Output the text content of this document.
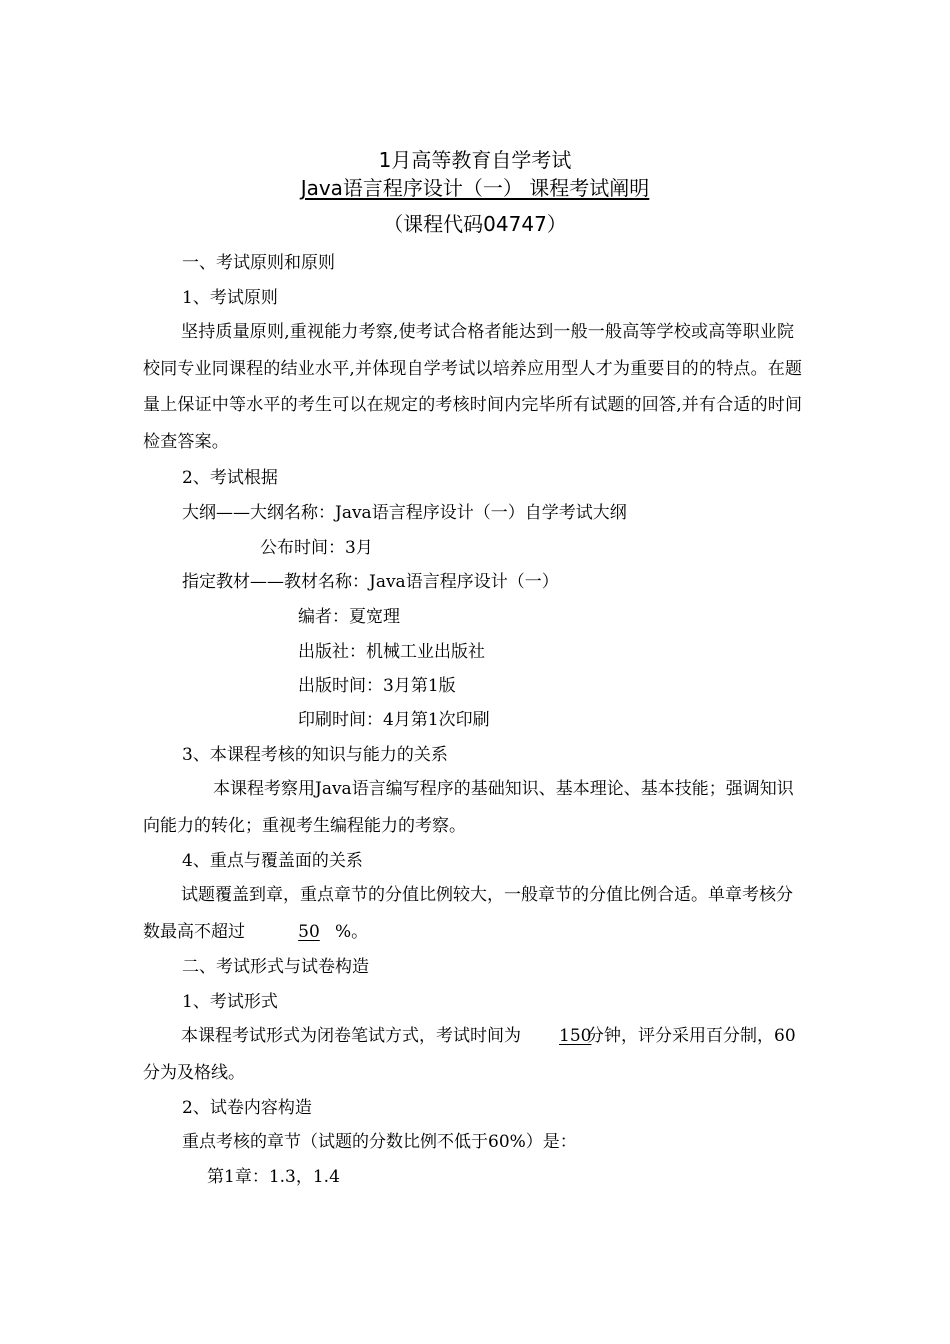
1月高等教育自学考试
Java语言程序设计（一） 课程考试阐明
（课程代码04747）
一、考试原则和原则
1、考试原则
坚持质量原则,重视能力考察,使考试合格者能达到一般一般高等学校或高等职业院校同专业同课程的结业水平,并体现自学考试以培养应用型人才为重要目的的特点。在题量上保证中等水平的考生可以在规定的考核时间内完毕所有试题的回答,并有合适的时间检查答案。
2、考试根据
大纲——大纲名称：Java语言程序设计（一）自学考试大纲
公布时间：3月
指定教材——教材名称：Java语言程序设计（一）
编者：夏宽理
出版社：机械工业出版社
出版时间：3月第1版
印刷时间：4月第1次印刷
3、本课程考核的知识与能力的关系
本课程考察用Java语言编写程序的基础知识、基本理论、基本技能；强调知识向能力的转化；重视考生编程能力的考察。
4、重点与覆盖面的关系
试题覆盖到章，重点章节的分值比例较大，一般章节的分值比例合适。单章考核分数最高不超过	50 %。
二、考试形式与试卷构造
1、考试形式
本课程考试形式为闭卷笔试方式，考试时间为 150分钟，评分采用百分制，60分为及格线。
2、试卷内容构造
重点考核的章节（试题的分数比例不低于60%）是：
第1章：1.3，1.4
